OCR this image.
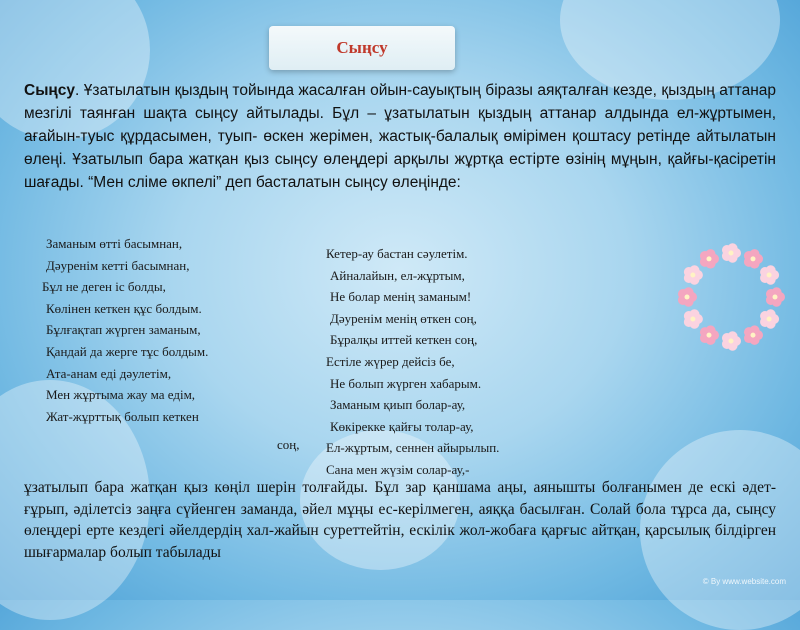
Сыңсу
Сыңсу. Ұзатылатын қыздың тойында жасалған ойын-сауықтың біразы аяқталған кезде, қыздың аттанар мезгілі таянған шақта сыңсу айтылады. Бұл – ұзатылатын қыздың аттанар алдында ел-жұртымен, ағайын-туыс құрдасымен, туып- өскен жерімен, жастық-балалық өмірімен қоштасу ретінде айтылатын өлеңі. Ұзатылып бара жатқан қыз сыңсу өлеңдері арқылы жұртқа естірте өзінің мұңын, қайғы-қасіретін шағады. “Мен сліме өкпелі” деп басталатын сыңсу өлеңінде:
Заманым өтті басымнан,
Дәуренім кетті басымнан,
Бұл не деген іс болды,
Көлінен кеткен құс болдым.
Бұлғақтап жүрген заманым,
Қандай да жерге тұс болдым.
Ата-анам еді дәулетім,
Мен жұртыма жау ма едім,
Жат-жұрттық болып кеткен
соң,
Кетер-ау бастан сәулетім.
Айналайын, ел-жұртым,
Не болар менің заманым!
Дәуренім менің өткен соң,
Бұралқы иттей кеткен соң,
Естіле жүрер дейсіз бе,
Не болып жүрген хабарым.
Заманым қиып болар-ау,
Көкірекке қайғы толар-ау,
Ел-жұртым, сеннен айырылып.
Сана мен жүзім солар-ау,-
ұзатылып бара жатқан қыз көңіл шерін толғайды. Бұл зар қаншама аңы, аянышты болғанымен де ескі әдет-ғұрып, әділетсіз заңға сүйенген заманда, әйел мұңы ес-керілмеген, аяққа басылған. Солай бола тұрса да, сыңсу өлеңдері ерте кездегі әйелдердің хал-жайын суреттейтін, ескілік жол-жобаға қарғыс айтқан, қарсылық білдірген шығармалар болып табылады
© By www.website.com
